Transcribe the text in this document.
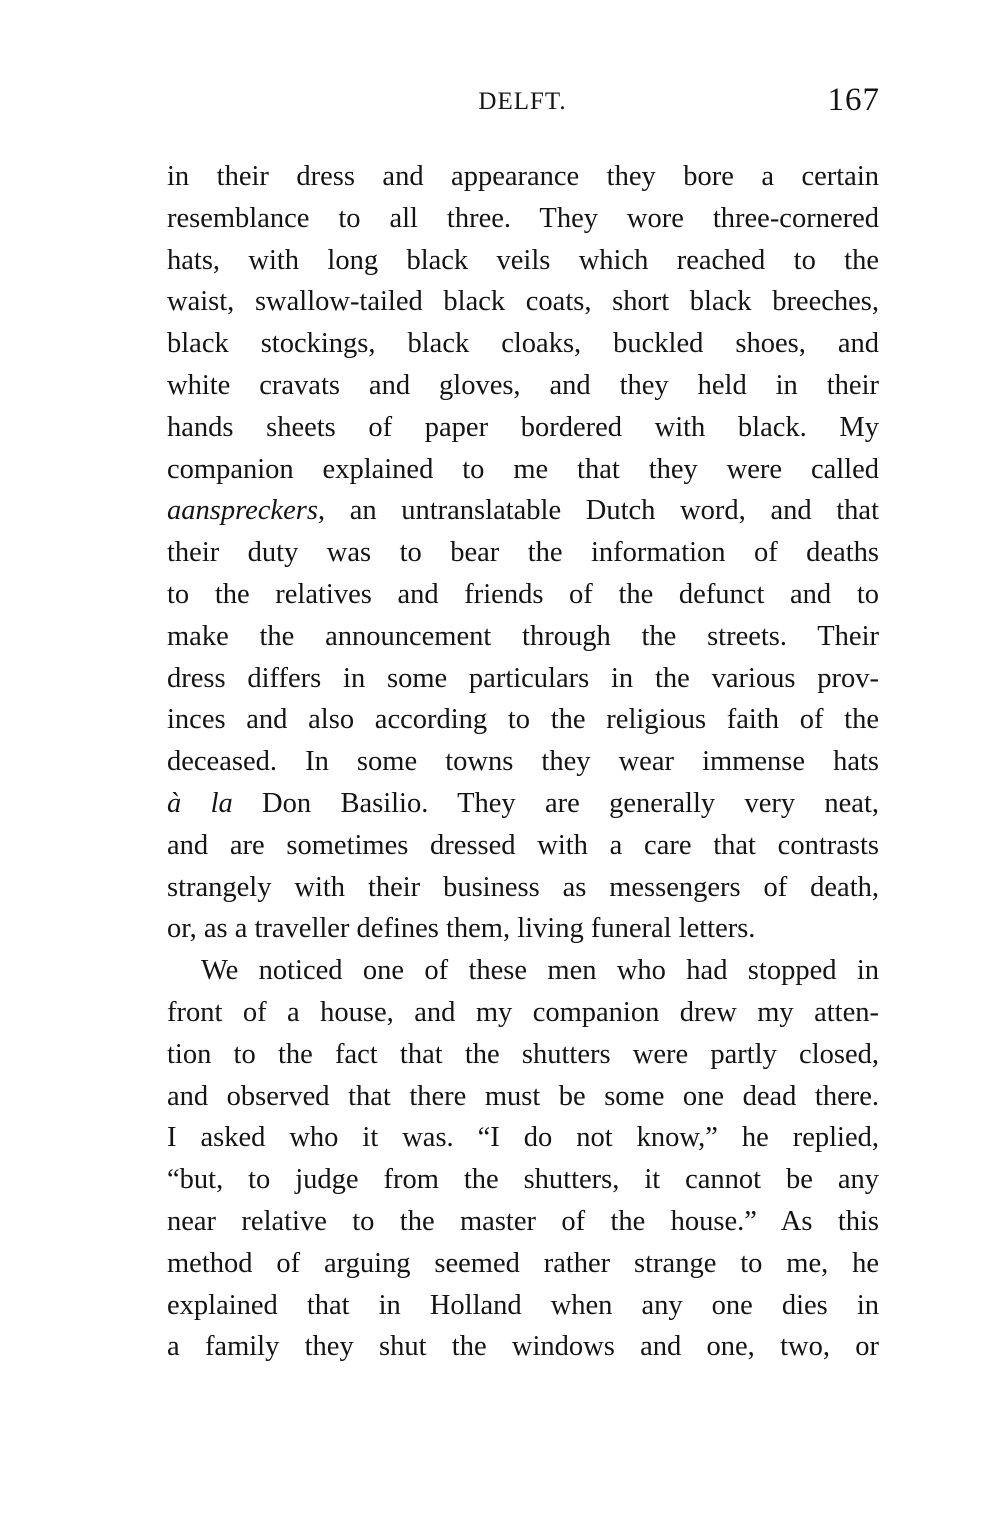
DELFT.	167
in their dress and appearance they bore a certain
resemblance to all three. They wore three-cornered
hats, with long black veils which reached to the
waist, swallow-tailed black coats, short black breeches,
black stockings, black cloaks, buckled shoes, and
white cravats and gloves, and they held in their
hands sheets of paper bordered with black. My
companion explained to me that they were called
aanspreckers, an untranslatable Dutch word, and that
their duty was to bear the information of deaths
to the relatives and friends of the defunct and to
make the announcement through the streets. Their
dress differs in some particulars in the various prov-
inces and also according to the religious faith of the
deceased. In some towns they wear immense hats
à la Don Basilio. They are generally very neat,
and are sometimes dressed with a care that contrasts
strangely with their business as messengers of death,
or, as a traveller defines them, living funeral letters.
We noticed one of these men who had stopped in
front of a house, and my companion drew my atten-
tion to the fact that the shutters were partly closed,
and observed that there must be some one dead there.
I asked who it was. “I do not know,” he replied,
“but, to judge from the shutters, it cannot be any
near relative to the master of the house.” As this
method of arguing seemed rather strange to me, he
explained that in Holland when any one dies in
a family they shut the windows and one, two, or
